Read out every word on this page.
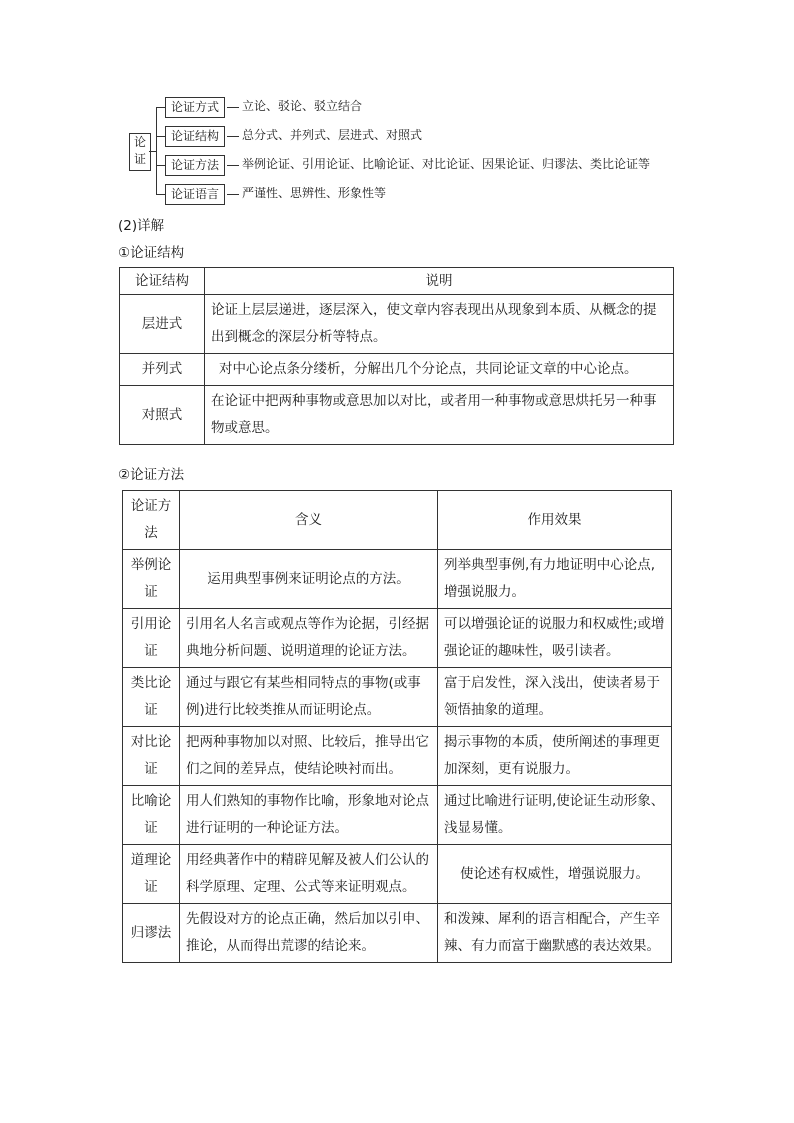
论
证
论证方式	立论、驳论、驳立结合
论证结构	总分式、并列式、层进式、对照式
论证方法	举例论证、引用论证、比喻论证、对比论证、因果论证、归谬法、类比论证等
论证语言	严谨性、思辨性、形象性等
(2)详解
①论证结构
论证结构	说明
层进式	论证上层层递进，逐层深入，使文章内容表现出从现象到本质、从概念的提出到概念的深层分析等特点。
并列式	对中心论点条分缕析，分解出几个分论点，共同论证文章的中心论点。
对照式	在论证中把两种事物或意思加以对比，或者用一种事物或意思烘托另一种事物或意思。
②论证方法
论证方法	含义	作用效果
举例论证	运用典型事例来证明论点的方法。	列举典型事例,有力地证明中心论点,增强说服力。
引用论证	引用名人名言或观点等作为论据，引经据典地分析问题、说明道理的论证方法。	可以增强论证的说服力和权威性;或增强论证的趣味性，吸引读者。
类比论证	通过与跟它有某些相同特点的事物(或事例)进行比较类推从而证明论点。	富于启发性，深入浅出，使读者易于领悟抽象的道理。
对比论证	把两种事物加以对照、比较后，推导出它们之间的差异点，使结论映衬而出。	揭示事物的本质，使所阐述的事理更加深刻，更有说服力。
比喻论证	用人们熟知的事物作比喻，形象地对论点进行证明的一种论证方法。	通过比喻进行证明,使论证生动形象、浅显易懂。
道理论证	用经典著作中的精辟见解及被人们公认的科学原理、定理、公式等来证明观点。	使论述有权威性，增强说服力。
归谬法	先假设对方的论点正确，然后加以引申、推论，从而得出荒谬的结论来。	和泼辣、犀利的语言相配合，产生辛辣、有力而富于幽默感的表达效果。
